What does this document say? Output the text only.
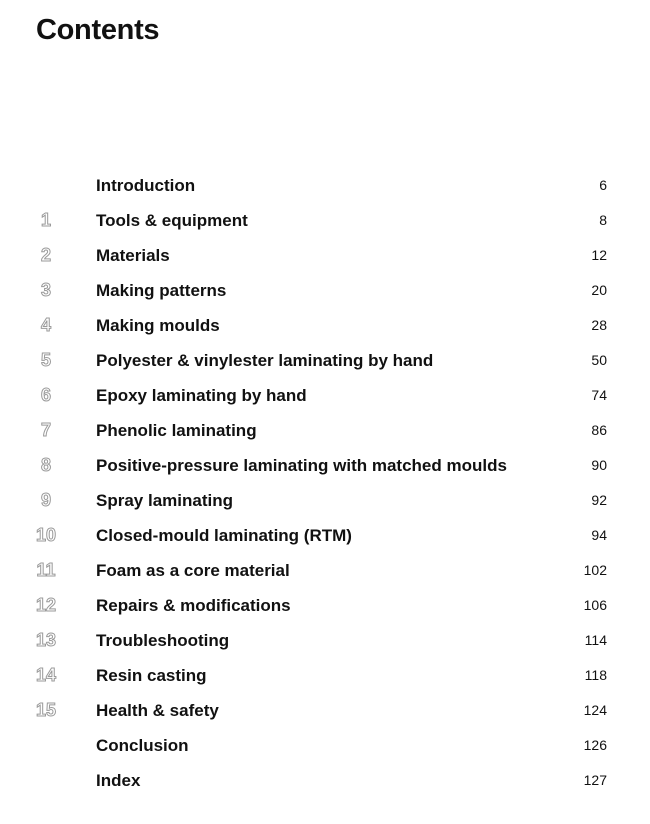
Contents
Introduction	6
1	Tools & equipment	8
2	Materials	12
3	Making patterns	20
4	Making moulds	28
5	Polyester & vinylester laminating by hand	50
6	Epoxy laminating by hand	74
7	Phenolic laminating	86
8	Positive-pressure laminating with matched moulds	90
9	Spray laminating	92
10 Closed-mould laminating (RTM)	94
11 Foam as a core material	102
12 Repairs & modifications	106
13 Troubleshooting	114
14 Resin casting	118
15 Health & safety	124
Conclusion	126
Index	127
